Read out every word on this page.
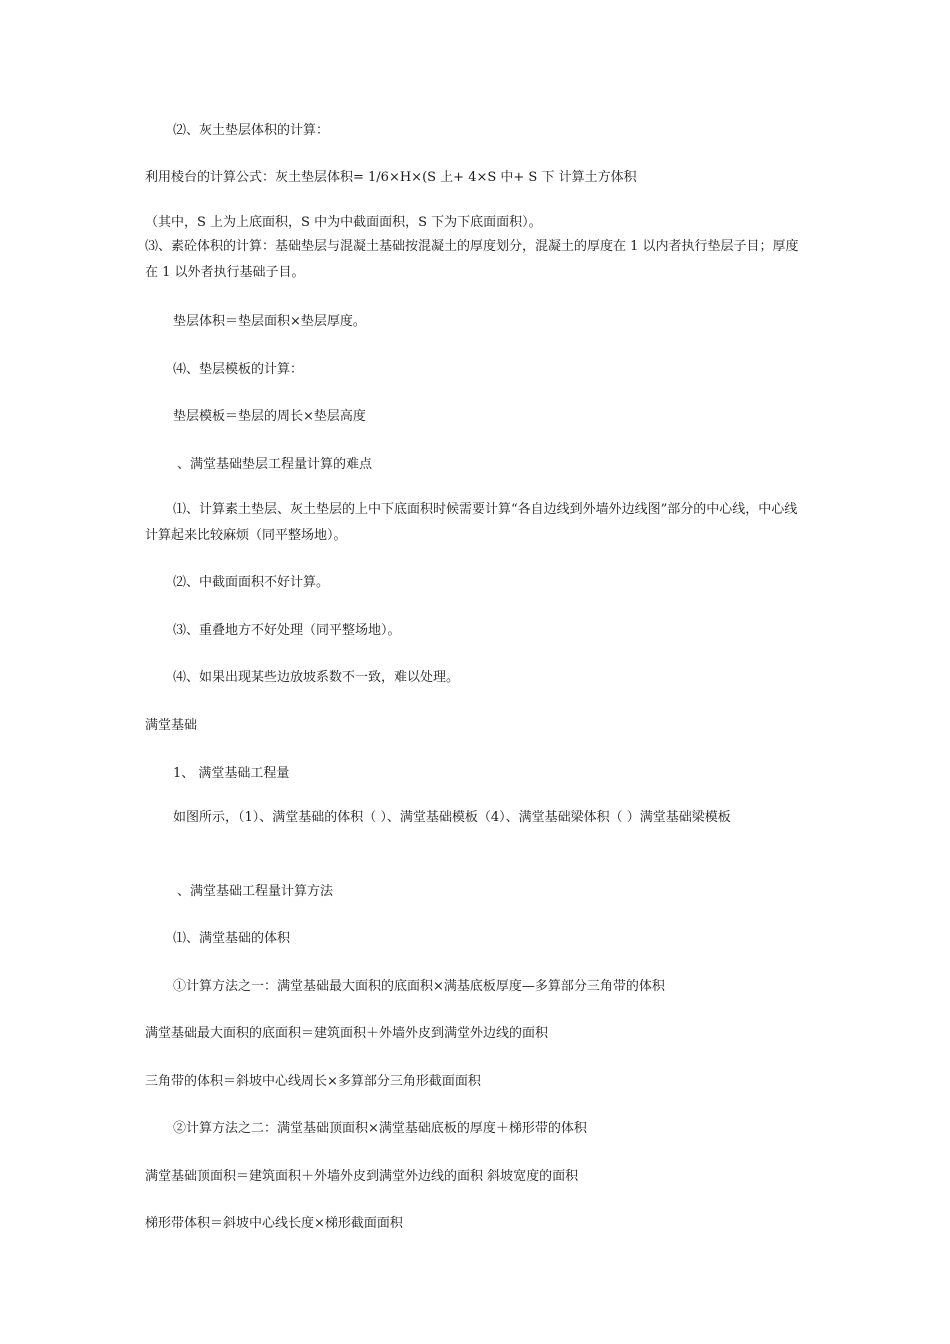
⑵、灰土垫层体积的计算：
利用棱台的计算公式：灰土垫层体积= 1/6×H×(S 上+ 4×S 中+ S 下 计算土方体积
（其中，S 上为上底面积，S 中为中截面面积，S 下为下底面面积）。
⑶、素砼体积的计算：基础垫层与混凝土基础按混凝土的厚度划分，混凝土的厚度在 1 以内者执行垫层子目；厚度在 1 以外者执行基础子目。
垫层体积＝垫层面积×垫层厚度。
⑷、垫层模板的计算：
垫层模板＝垫层的周长×垫层高度
、满堂基础垫层工程量计算的难点
⑴、计算素土垫层、灰土垫层的上中下底面积时候需要计算“各自边线到外墙外边线图”部分的中心线，中心线计算起来比较麻烦（同平整场地）。
⑵、中截面面积不好计算。
⑶、重叠地方不好处理（同平整场地）。
⑷、如果出现某些边放坡系数不一致，难以处理。
满堂基础
1、 满堂基础工程量
如图所示，（1）、满堂基础的体积（ ）、满堂基础模板（4）、满堂基础梁体积（ ）满堂基础梁模板
、满堂基础工程量计算方法
⑴、满堂基础的体积
①计算方法之一：满堂基础最大面积的底面积×满基底板厚度—多算部分三角带的体积
满堂基础最大面积的底面积＝建筑面积＋外墙外皮到满堂外边线的面积
三角带的体积＝斜坡中心线周长×多算部分三角形截面面积
②计算方法之二：满堂基础顶面积×满堂基础底板的厚度＋梯形带的体积
满堂基础顶面积＝建筑面积＋外墙外皮到满堂外边线的面积 斜坡宽度的面积
梯形带体积＝斜坡中心线长度×梯形截面面积
